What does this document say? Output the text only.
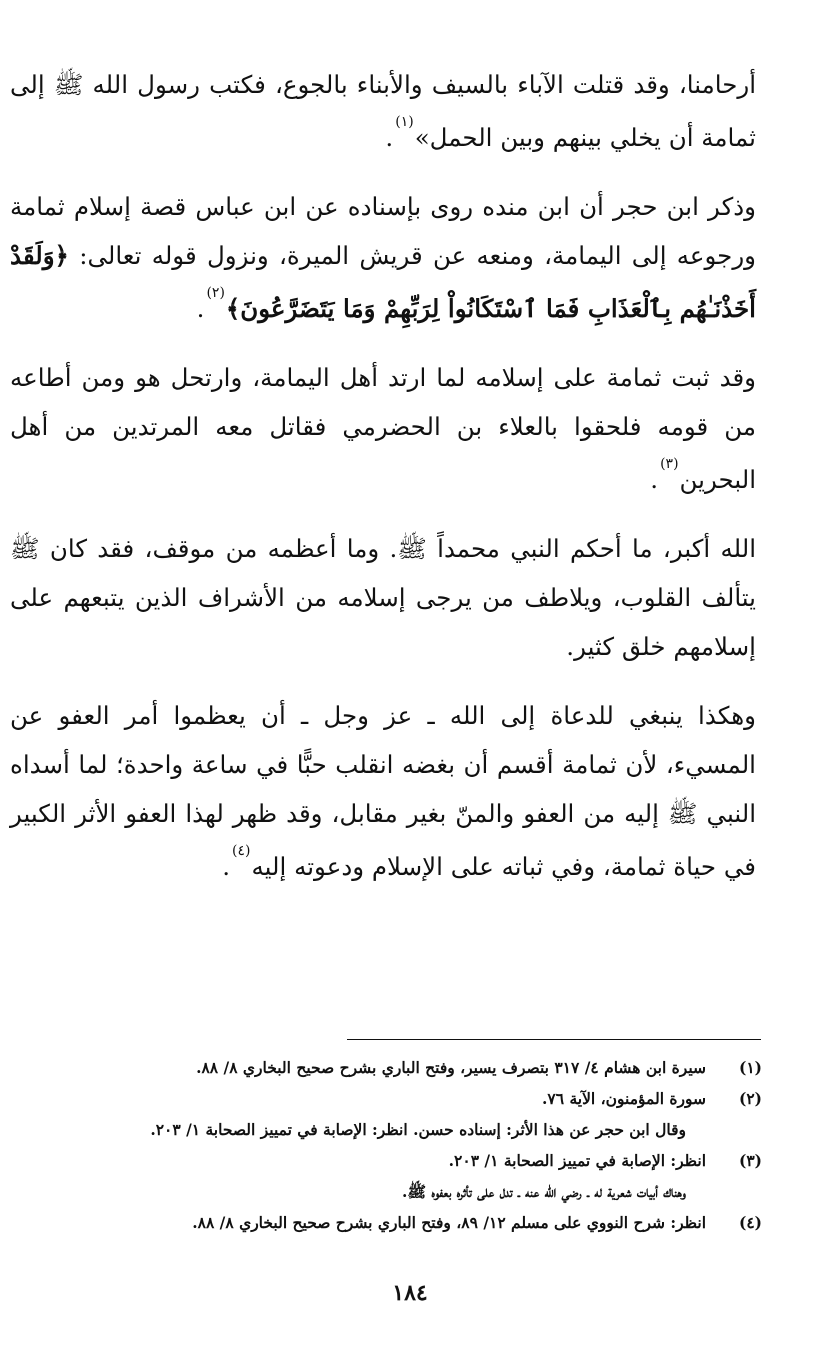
أرحامنا، وقد قتلت الآباء بالسيف والأبناء بالجوع، فكتب رسول الله ﷺ إلى ثمامة أن يخلي بينهم وبين الحمل»$^{(١)}$.

وذكر ابن حجر أن ابن منده روى بإسناده عن ابن عباس قصة إسلام ثمامة ورجوعه إلى اليمامة، ومنعه عن قريش الميرة، ونزول قوله تعالى: ﴿وَلَقَدْ أَخَذْنَـٰهُم بِٱلْعَذَابِ فَمَا ٱسْتَكَانُواْ لِرَبِّهِمْ وَمَا يَتَضَرَّعُونَ﴾$^{(٢)}$.

وقد ثبت ثمامة على إسلامه لما ارتد أهل اليمامة، وارتحل هو ومن أطاعه من قومه فلحقوا بالعلاء بن الحضرمي فقاتل معه المرتدين من أهل البحرين$^{(٣)}$.

الله أكبر، ما أحكم النبي محمداً ﷺ. وما أعظمه من موقف، فقد كان ﷺ يتألف القلوب، ويلاطف من يرجى إسلامه من الأشراف الذين يتبعهم على إسلامهم خلق كثير.

وهكذا ينبغي للدعاة إلى الله ـ عز وجل ـ أن يعظموا أمر العفو عن المسيء، لأن ثمامة أقسم أن بغضه انقلب حبًّا في ساعة واحدة؛ لما أسداه النبي ﷺ إليه من العفو والمنّ بغير مقابل، وقد ظهر لهذا العفو الأثر الكبير في حياة ثمامة، وفي ثباته على الإسلام ودعوته إليه$^{(٤)}$.

(١)
سيرة ابن هشام ٤/ ٣١٧ بتصرف يسير، وفتح الباري بشرح صحيح البخاري ٨/ ٨٨.
(٢)
سورة المؤمنون، الآية ٧٦.
وقال ابن حجر عن هذا الأثر: إسناده حسن. انظر: الإصابة في تمييز الصحابة ١/ ٢٠٣.
(٣)
انظر: الإصابة في تمييز الصحابة ١/ ٢٠٣.
وهناك أبيات شعرية له ـ رضي الله عنه ـ تدل على تأثره بعفوه ﷺ.
(٤)
انظر: شرح النووي على مسلم ١٢/ ٨٩، وفتح الباري بشرح صحيح البخاري ٨/ ٨٨.
١٨٤
